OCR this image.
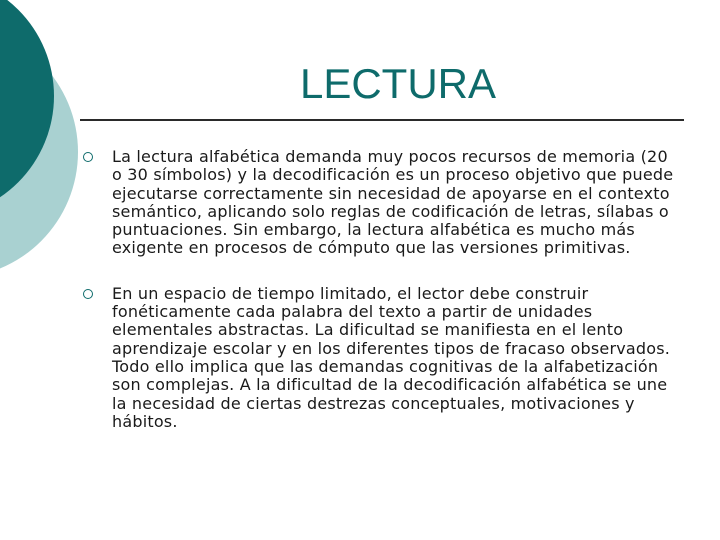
LECTURA

La lectura alfabética demanda muy pocos recursos de memoria (20 o 30 símbolos) y la decodificación es un proceso objetivo que puede ejecutarse correctamente sin necesidad de apoyarse en el contexto semántico, aplicando solo reglas de codificación de letras, sílabas o puntuaciones. Sin embargo, la lectura alfabética es mucho más exigente en procesos de cómputo que las versiones primitivas.

En un espacio de tiempo limitado, el lector debe construir fonéticamente cada palabra del texto a partir de unidades elementales abstractas. La dificultad se manifiesta en el lento aprendizaje escolar y en los diferentes tipos de fracaso observados. Todo ello implica que las demandas cognitivas de la alfabetización son complejas. A la dificultad de la decodificación alfabética se une la necesidad de ciertas destrezas conceptuales, motivaciones y hábitos.
